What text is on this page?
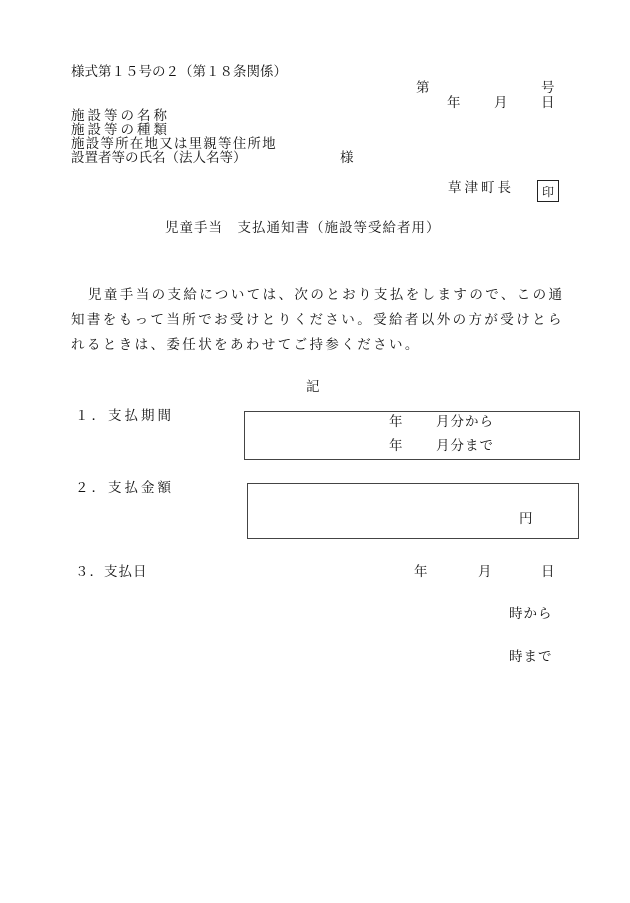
様式第１５号の２（第１８条関係）
第	号
年 月 日
施設等の名称
施設等の種類
施設等所在地又は里親等住所地
設置者等の氏名（法人名等）	様
草津町長	印
児童手当　支払通知書（施設等受給者用）
児童手当の支給については、次のとおり支払をしますので、この通
知書をもって当所でお受けとりください。受給者以外の方が受けとら
れるときは、委任状をあわせてご持参ください。
記
１．支払期間	年 月分から
年 月分まで
２．支払金額
円
３．支払日	年	月	日
時から
時まで
